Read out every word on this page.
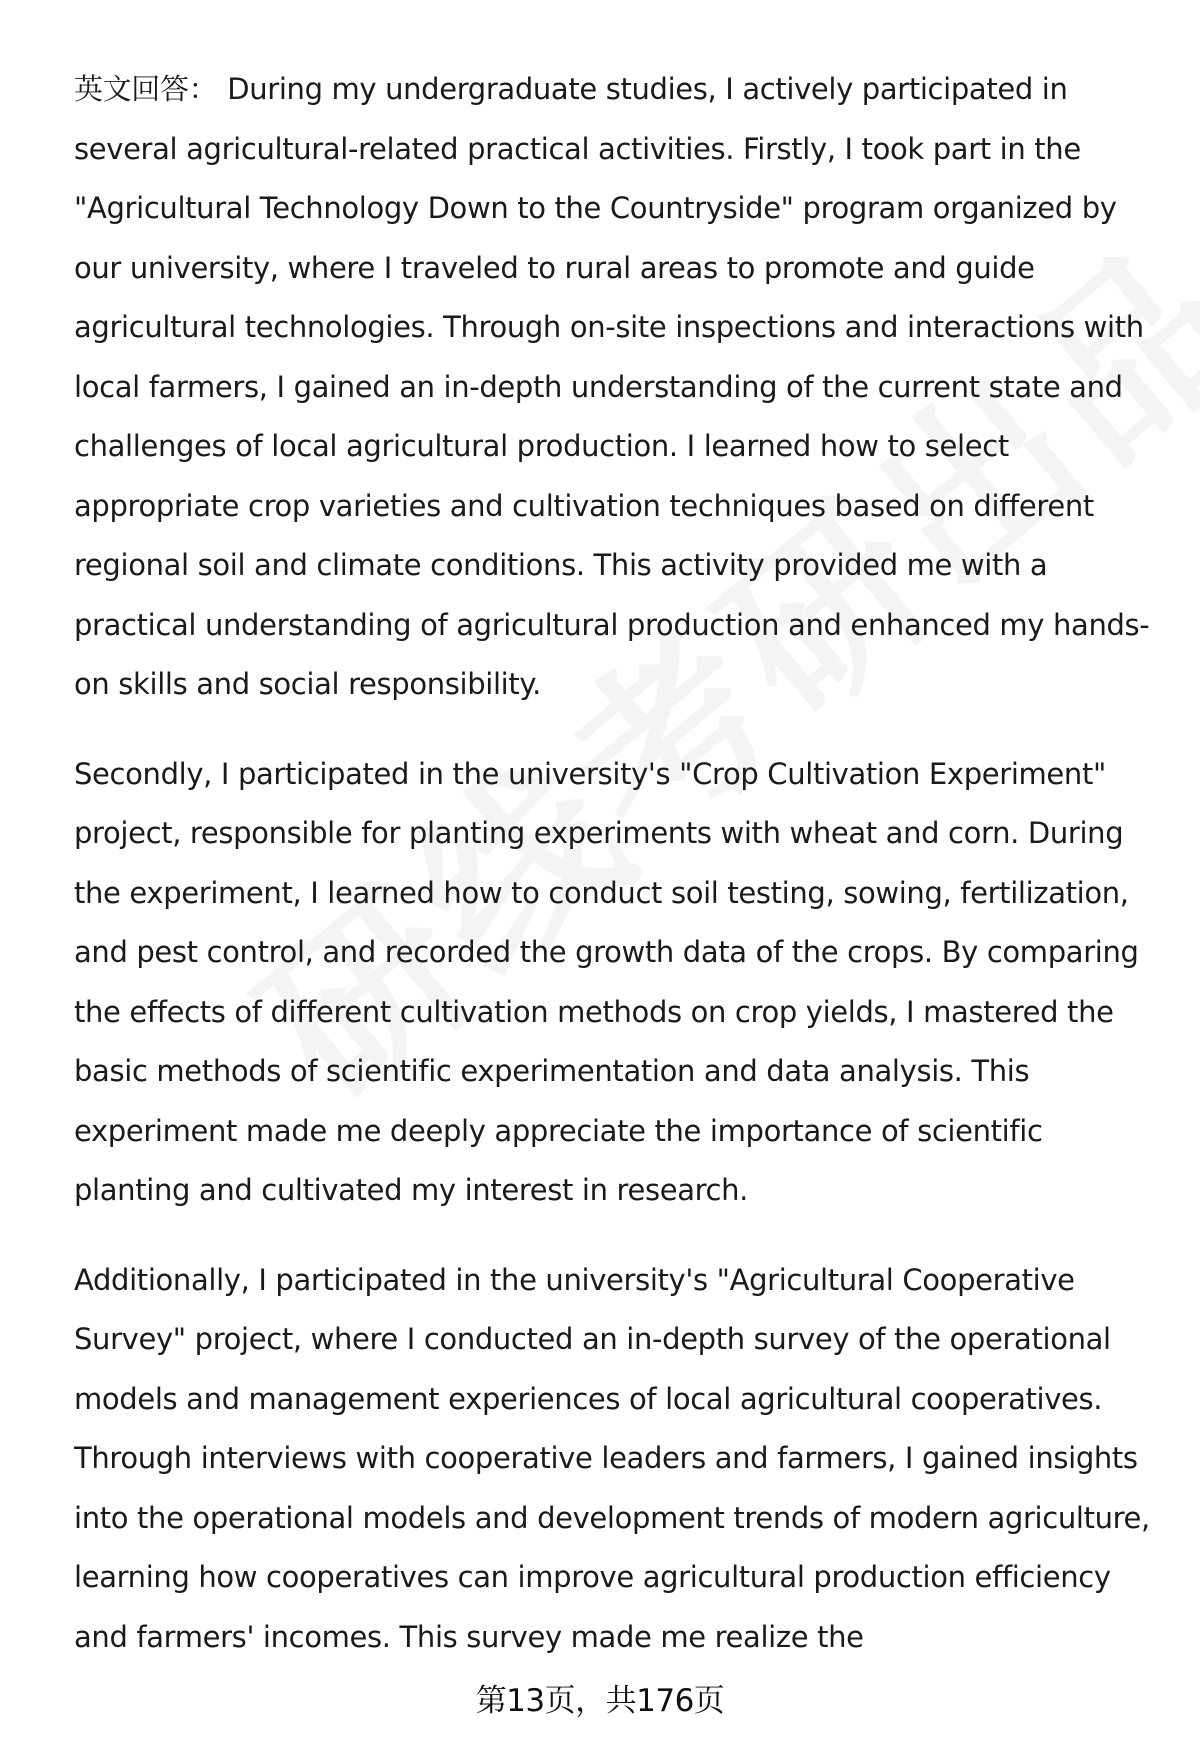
英文回答： During my undergraduate studies, I actively participated in several agricultural-related practical activities. Firstly, I took part in the "Agricultural Technology Down to the Countryside" program organized by our university, where I traveled to rural areas to promote and guide agricultural technologies. Through on-site inspections and interactions with local farmers, I gained an in-depth understanding of the current state and challenges of local agricultural production. I learned how to select appropriate crop varieties and cultivation techniques based on different regional soil and climate conditions. This activity provided me with a practical understanding of agricultural production and enhanced my hands-on skills and social responsibility.

Secondly, I participated in the university's "Crop Cultivation Experiment" project, responsible for planting experiments with wheat and corn. During the experiment, I learned how to conduct soil testing, sowing, fertilization, and pest control, and recorded the growth data of the crops. By comparing the effects of different cultivation methods on crop yields, I mastered the basic methods of scientific experimentation and data analysis. This experiment made me deeply appreciate the importance of scientific planting and cultivated my interest in research.

Additionally, I participated in the university's "Agricultural Cooperative Survey" project, where I conducted an in-depth survey of the operational models and management experiences of local agricultural cooperatives. Through interviews with cooperative leaders and farmers, I gained insights into the operational models and development trends of modern agriculture, learning how cooperatives can improve agricultural production efficiency and farmers' incomes. This survey made me realize the

第13页，共176页
